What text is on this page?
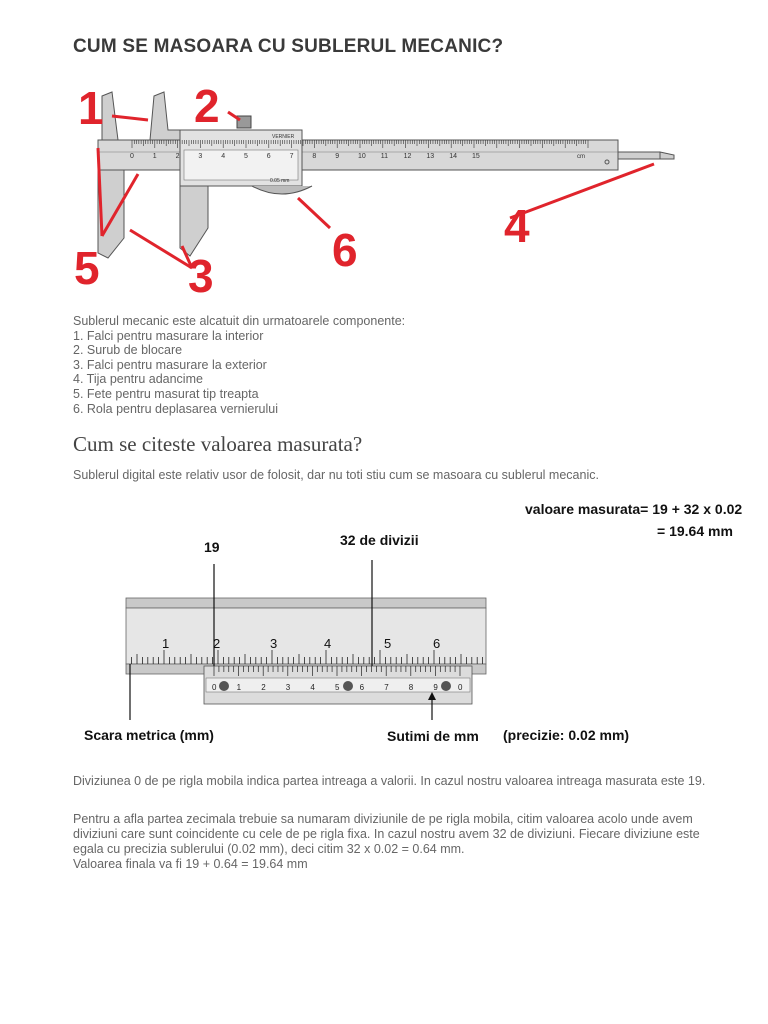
CUM SE MASOARA CU SUBLERUL MECANIC?
0	1	2	3	4	5	6	7	8	9	10 11 12 13 14 15	cm
0.05 mm
VERNIER
1 2
3
4
5	6
Sublerul mecanic este alcatuit din urmatoarele componente:
1. Falci pentru masurare la interior
2. Surub de blocare
3. Falci pentru masurare la exterior
4. Tija pentru adancime
5. Fete pentru masurat tip treapta
6. Rola pentru deplasarea vernierului
Cum se citeste valoarea masurata?
Sublerul digital este relativ usor de folosit, dar nu toti stiu cum se masoara cu sublerul mecanic.
valoare masurata= 19 + 32 x 0.02
= 19.64 mm
19	32 de divizii
Scara metrica (mm)	Sutimi de mm (precizie: 0.02 mm)
1	2	3	4	5	6
0	1	2	3	4	5	6	7	8	9	0
Diviziunea 0 de pe rigla mobila indica partea intreaga a valorii. In cazul nostru valoarea intreaga masurata este 19.
Pentru a afla partea zecimala trebuie sa numaram diviziunile de pe rigla mobila, citim valoarea acolo unde avem diviziuni care sunt coincidente cu cele de pe rigla fixa. In cazul nostru avem 32 de diviziuni. Fiecare diviziune este egala cu precizia sublerului (0.02 mm), deci citim 32 x 0.02 = 0.64 mm.
Valoarea finala va fi 19 + 0.64 = 19.64 mm
